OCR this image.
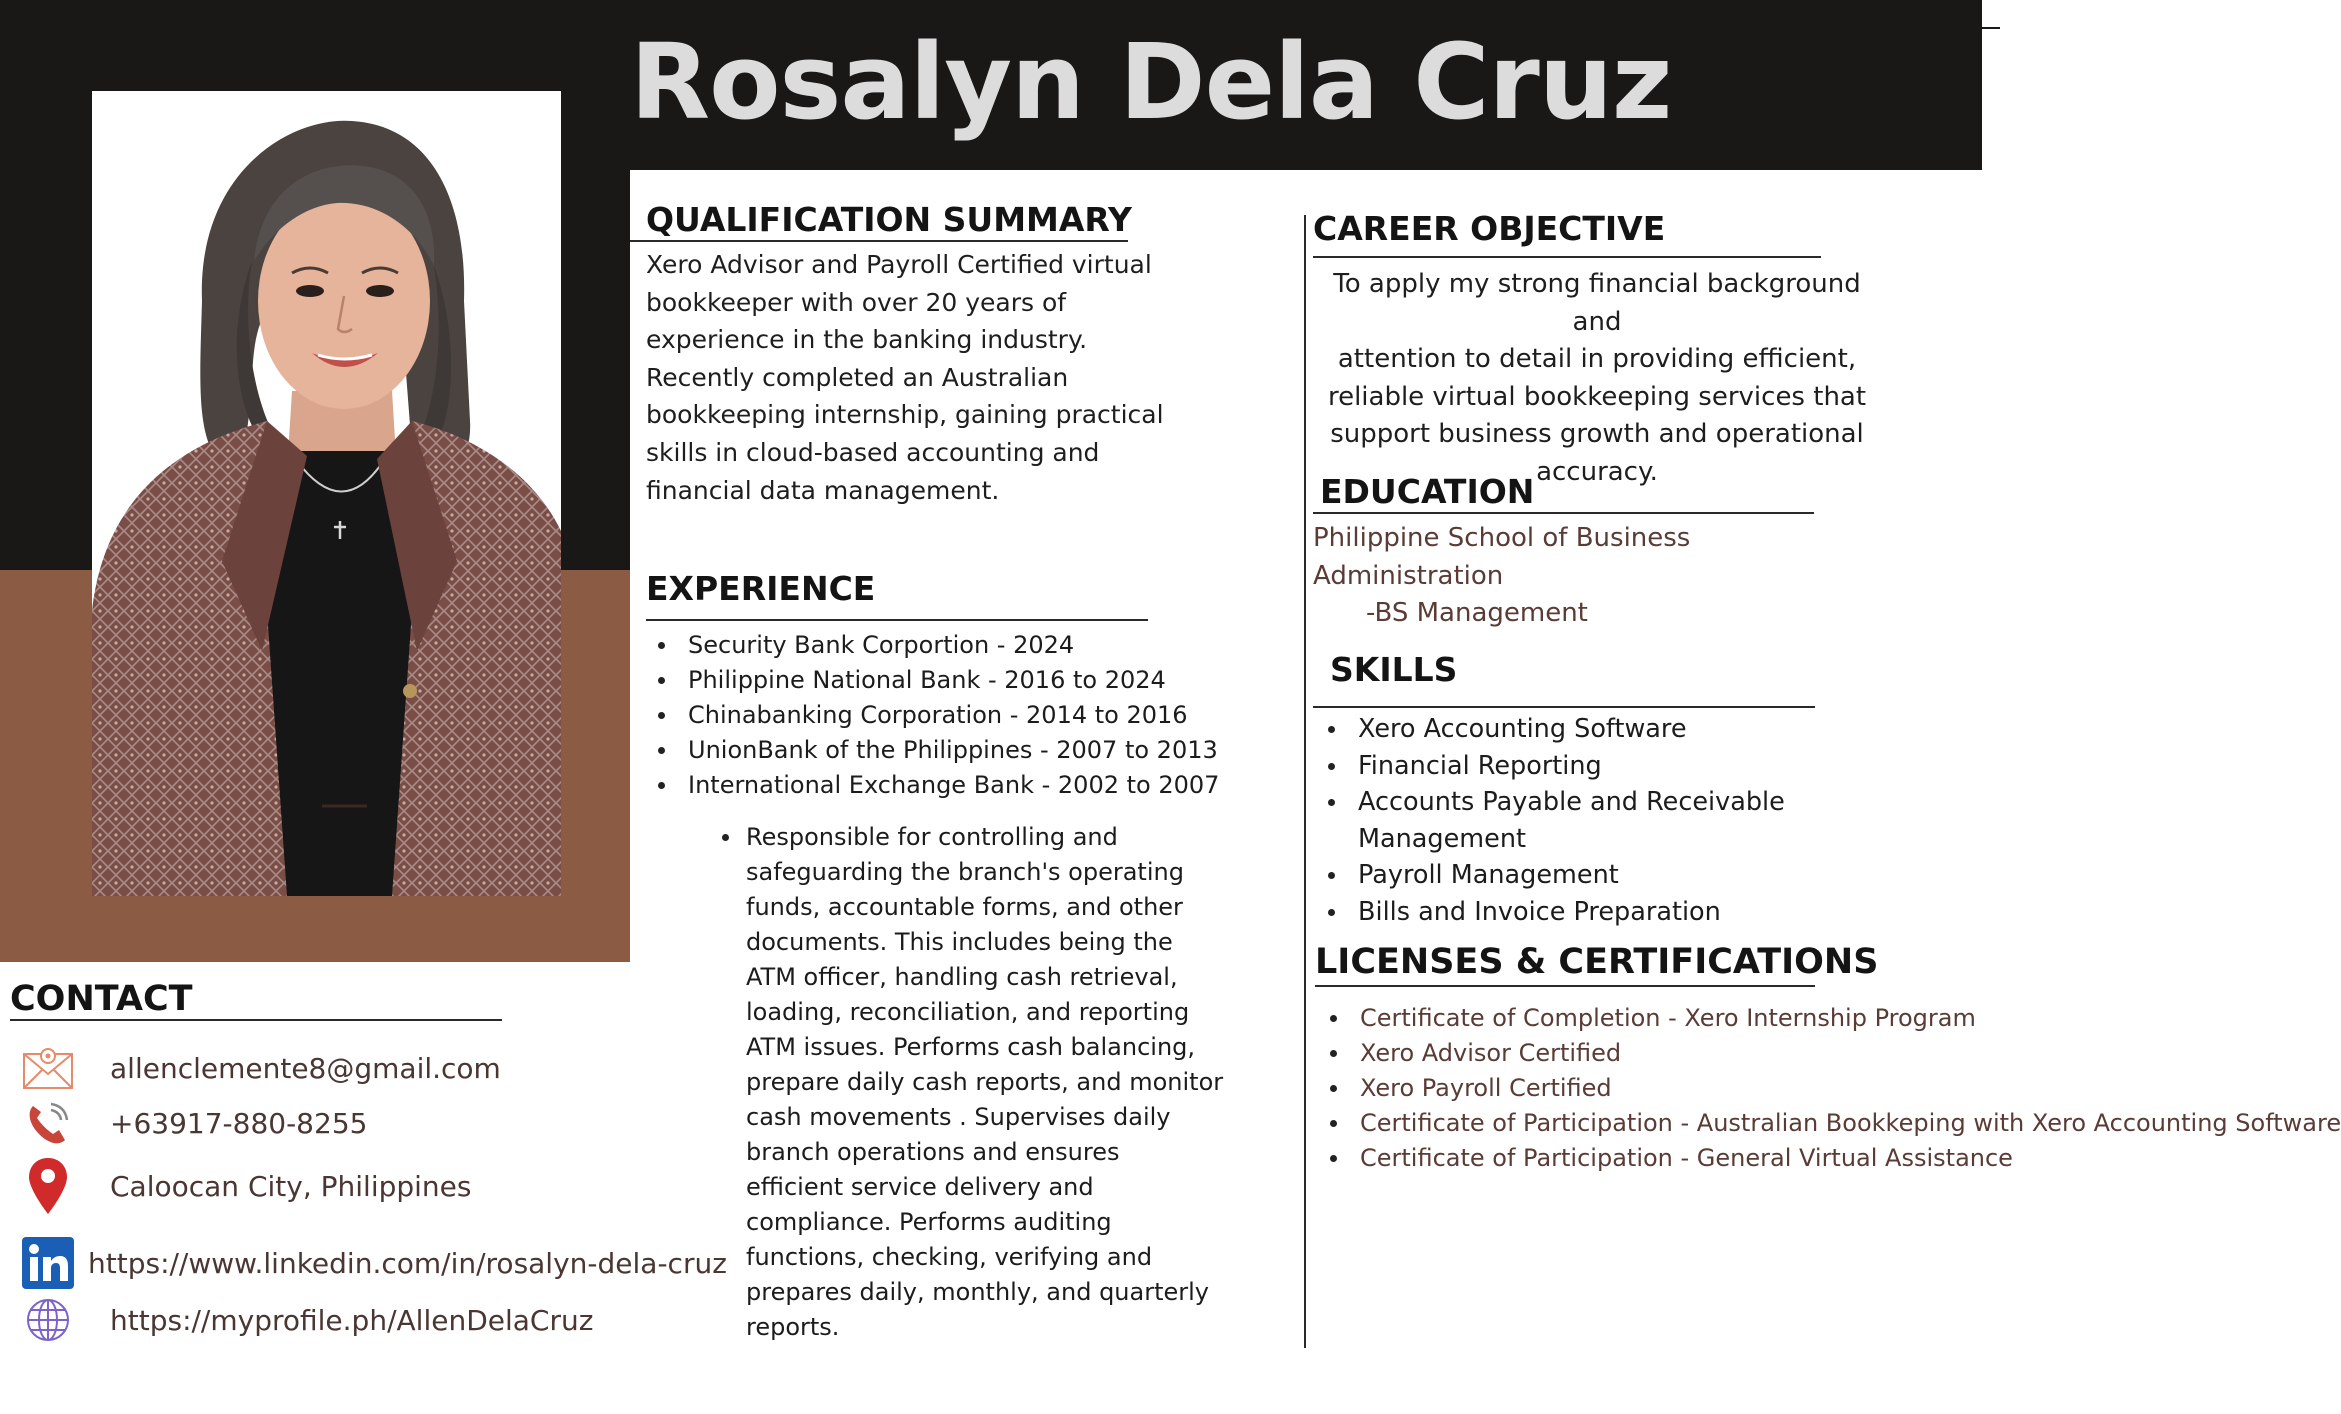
Rosalyn Dela Cruz
QUALIFICATION SUMMARY
Xero Advisor and Payroll Certified virtual
bookkeeper with over 20 years of
experience in the banking industry.
Recently completed an Australian
bookkeeping internship, gaining practical
skills in cloud-based accounting and
financial data management.
EXPERIENCE
Security Bank Corportion - 2024
Philippine National Bank - 2016 to 2024
Chinabanking Corporation - 2014 to 2016
UnionBank of the Philippines - 2007 to 2013
International Exchange Bank - 2002 to 2007
Responsible for controlling and
safeguarding the branch's operating
funds, accountable forms, and other
documents. This includes being the
ATM officer, handling cash retrieval,
loading, reconciliation, and reporting
ATM issues. Performs cash balancing,
prepare daily cash reports, and monitor
cash movements . Supervises daily
branch operations and ensures
efficient service delivery and
compliance. Performs auditing
functions, checking, verifying and
prepares daily, monthly, and quarterly
reports.
CAREER OBJECTIVE
To apply my strong financial background and
attention to detail in providing efficient,
reliable virtual bookkeeping services that
support business growth and operational
accuracy.
EDUCATION
Philippine School of Business
Administration
-BS Management
SKILLS
Xero Accounting Software
Financial Reporting
Accounts Payable and Receivable Management
Payroll Management
Bills and Invoice Preparation
LICENSES & CERTIFICATIONS
Certificate of Completion - Xero Internship Program
Xero Advisor Certified
Xero Payroll Certified
Certificate of Participation - Australian Bookkeping with Xero Accounting Software
Certificate of Participation - General Virtual Assistance
CONTACT
allenclemente8@gmail.com
+63917-880-8255
Caloocan City, Philippines
https://www.linkedin.com/in/rosalyn-dela-cruz
https://myprofile.ph/AllenDelaCruz
